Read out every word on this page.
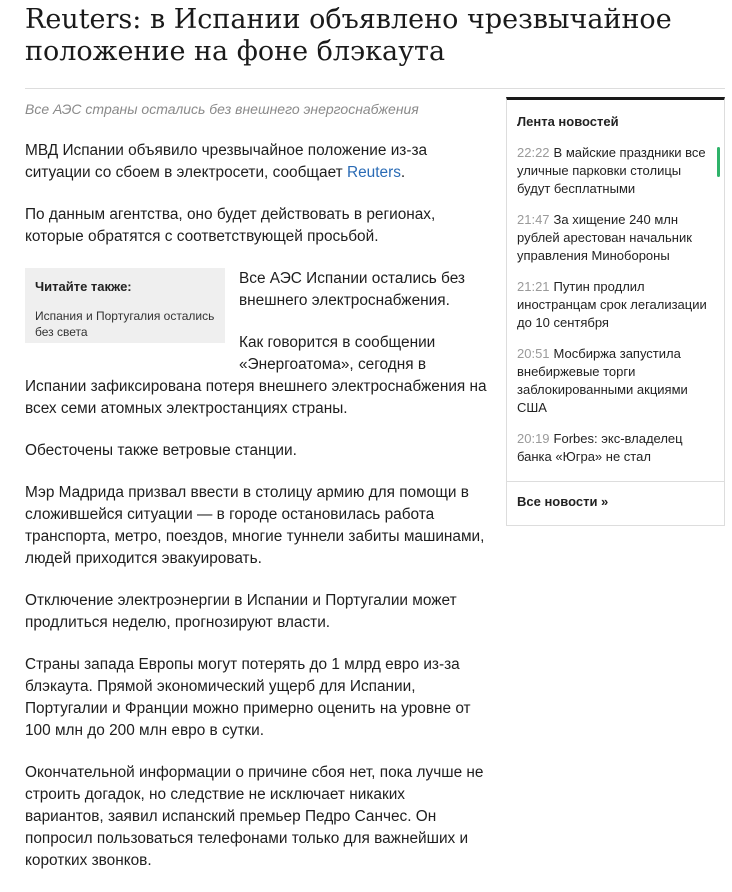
Reuters: в Испании объявлено чрезвычайное положение на фоне блэкаута
Все АЭС страны остались без внешнего энергоснабжения

МВД Испании объявило чрезвычайное положение из-за ситуации со сбоем в электросети, сообщает Reuters.

По данным агентства, оно будет действовать в регионах, которые обратятся с соответствующей просьбой.

Читайте также:
Испания и Португалия остались без света

Все АЭС Испании остались без внешнего электроснабжения.

Как говорится в сообщении «Энергоатома», сегодня в Испании зафиксирована потеря внешнего электроснабжения на всех семи атомных электростанциях страны.

Обесточены также ветровые станции.

Мэр Мадрида призвал ввести в столицу армию для помощи в сложившейся ситуации — в городе остановилась работа транспорта, метро, поездов, многие туннели забиты машинами, людей приходится эвакуировать.

Отключение электроэнергии в Испании и Португалии может продлиться неделю, прогнозируют власти.

Страны запада Европы могут потерять до 1 млрд евро из-за блэкаута. Прямой экономический ущерб для Испании, Португалии и Франции можно примерно оценить на уровне от 100 млн до 200 млн евро в сутки.

Окончательной информации о причине сбоя нет, пока лучше не строить догадок, но следствие не исключает никаких вариантов, заявил испанский премьер Педро Санчес. Он попросил пользоваться телефонами только для важнейших и коротких звонков.

Лента новостей
22:22 В майские праздники все уличные парковки столицы будут бесплатными
21:47 За хищение 240 млн рублей арестован начальник управления Минобороны
21:21 Путин продлил иностранцам срок легализации до 10 сентября
20:51 Мосбиржа запустила внебиржевые торги заблокированными акциями США
20:19 Forbes: экс-владелец банка «Югра» не стал
Все новости »
